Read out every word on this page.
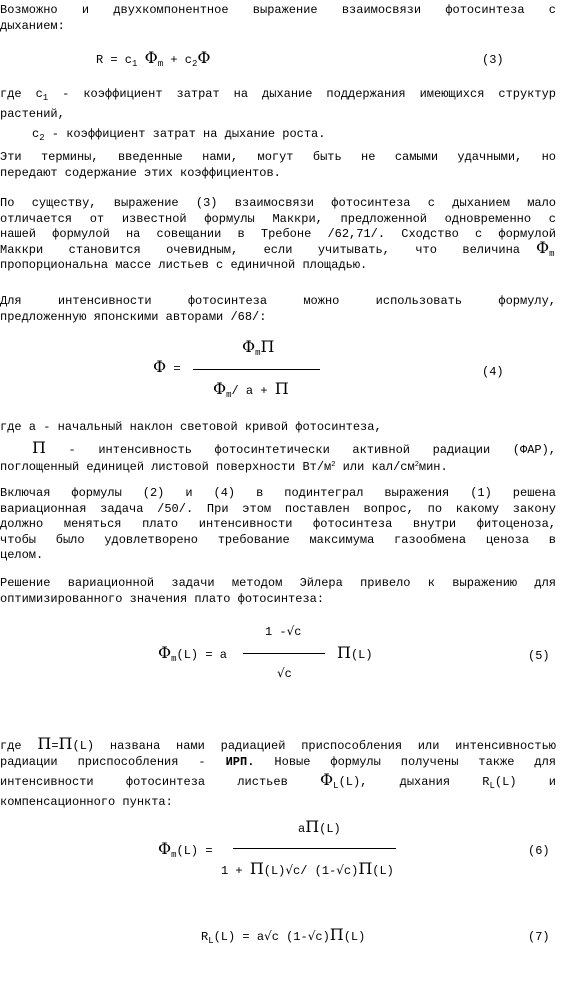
Возможно и двухкомпонентное выражение взаимосвязи фотосинтеза с
дыханием:

$R = c_1$ $\Phi_m + c_2\Phi$	(3)

где $с_1$ - коэффициент затрат на дыхание поддержания имеющихся структур
растений,
$c_2$ - коэффициент затрат на дыхание роста.

Эти термины, введенные нами, могут быть не самыми удачными, но
передают содержание этих коэффициентов.

По существу, выражение (3) взаимосвязи фотосинтеза с дыханием мало
отличается от известной формулы Маккри, предложенной одновременно с
нашей формулой на совещании в Требоне /62,71/. Сходство с формулой
Маккри становится очевидным, если учитывать, что величина
пропорциональна массе листьев с единичной площадью.

$\Phi_m$

Для интенсивности фотосинтеза можно использовать формулу,
предложенную японскими авторами /68/:

Φ =
$\Phi_m\Pi$
$\Phi_m/$ a + Π
(4)

где a - начальный наклон световой кривой фотосинтеза,
Π - интенсивность фотосинтетически активной радиации (ФАР),
поглощенный единицей листовой поверхности $Вт/м^2$ или кал/$см^2мин$.

Включая формулы (2) и (4) в подинтеграл выражения (1) решена
вариационная задача /50/. При этом поставлен вопрос, по какому закону
должно меняться плато интенсивности фотосинтеза внутри фитоценоза,
чтобы было удовлетворено требование максимума газообмена ценоза в
целом.

Решение вариационной задачи методом Эйлера привело к выражению для
оптимизированного значения плато фотосинтеза:

$\Phi_m(L) = a$
1 -√c
√c
Π(L)	(5)

где Π=Π(L) названа нами радиацией приспособления или интенсивностью
радиации приспособления - ИРП. Новые формулы получены также для
интенсивности фотосинтеза листьев $\Phi_L(L)$, дыхания $R_L(L)$ и
компенсационного пункта:

$\Phi_m(L)$ =
aΠ(L)
1 + Π(L)√c/ (1-√c)Π(L)
(6)
$R_L(L) = a√c$ (1-√c)Π(L)	(7)
